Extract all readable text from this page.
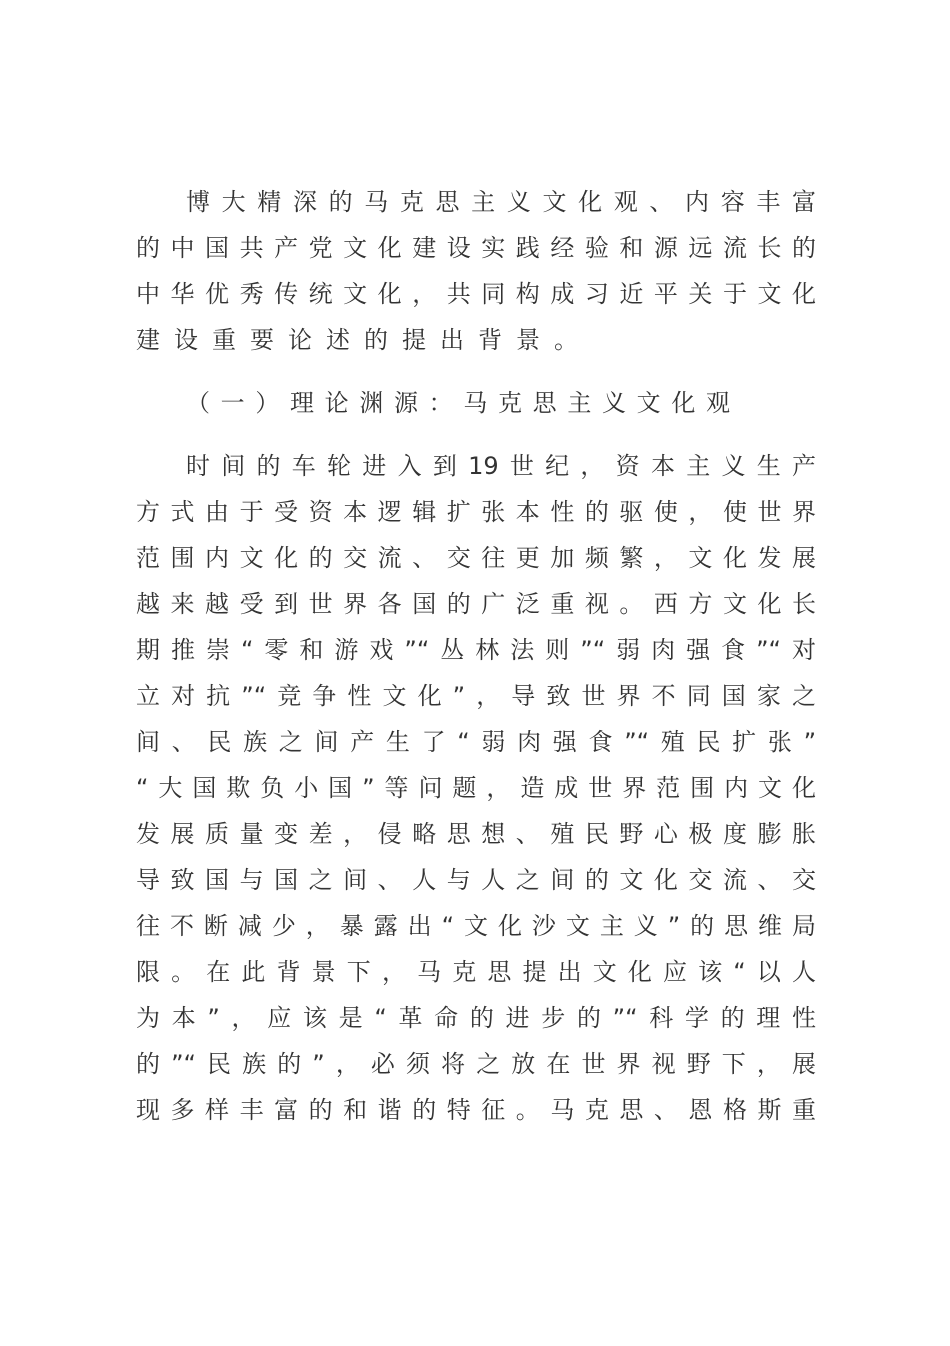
博大精深的马克思主义文化观、内容丰富
的中国共产党文化建设实践经验和源远流长的
中华优秀传统文化，共同构成习近平关于文化
建设重要论述的提出背景。
（一）理论渊源：马克思主义文化观
时间的车轮进入到19世纪，资本主义生产
方式由于受资本逻辑扩张本性的驱使，使世界
范围内文化的交流、交往更加频繁，文化发展
越来越受到世界各国的广泛重视。西方文化长
期推崇“零和游戏”“丛林法则”“弱肉强食”“对
立对抗”“竞争性文化”，导致世界不同国家之
间、民族之间产生了“弱肉强食”“殖民扩张”
“大国欺负小国”等问题，造成世界范围内文化
发展质量变差，侵略思想、殖民野心极度膨胀
导致国与国之间、人与人之间的文化交流、交
往不断减少，暴露出“文化沙文主义”的思维局
限。在此背景下，马克思提出文化应该“以人
为本”，应该是“革命的进步的”“科学的理性
的”“民族的”，必须将之放在世界视野下，展
现多样丰富的和谐的特征。马克思、恩格斯重
